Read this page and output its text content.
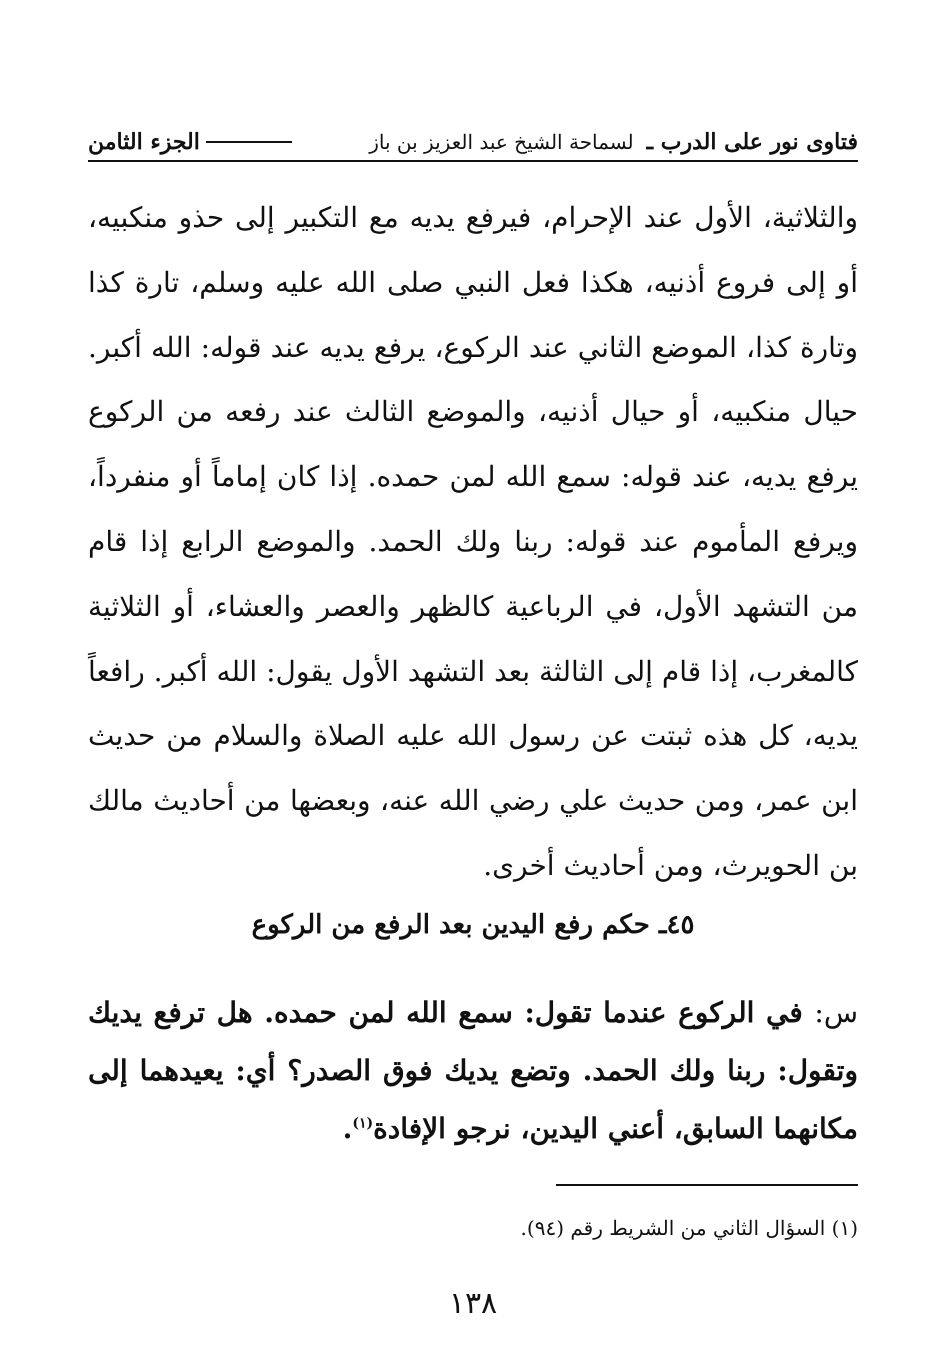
فتاوى نور على الدرب ـ لسماحة الشيخ عبد العزيز بن باز
الجزء الثامن

والثلاثية، الأول عند الإحرام، فيرفع يديه مع التكبير إلى حذو منكبيه، أو إلى فروع أذنيه، هكذا فعل النبي صلى الله عليه وسلم، تارة كذا وتارة كذا، الموضع الثاني عند الركوع، يرفع يديه عند قوله: الله أكبر. حيال منكبيه، أو حيال أذنيه، والموضع الثالث عند رفعه من الركوع يرفع يديه، عند قوله: سمع الله لمن حمده. إذا كان إماماً أو منفرداً، ويرفع المأموم عند قوله: ربنا ولك الحمد. والموضع الرابع إذا قام من التشهد الأول، في الرباعية كالظهر والعصر والعشاء، أو الثلاثية كالمغرب، إذا قام إلى الثالثة بعد التشهد الأول يقول: الله أكبر. رافعاً يديه، كل هذه ثبتت عن رسول الله عليه الصلاة والسلام من حديث ابن عمر، ومن حديث علي رضي الله عنه، وبعضها من أحاديث مالك بن الحويرث، ومن أحاديث أخرى.

٤٥ـ حكم رفع اليدين بعد الرفع من الركوع

س: في الركوع عندما تقول: سمع الله لمن حمده. هل ترفع يديك وتقول: ربنا ولك الحمد. وتضع يديك فوق الصدر؟ أي: يعيدهما إلى مكانهما السابق، أعني اليدين، نرجو الإفادة$^{(١)}$.

(١) السؤال الثاني من الشريط رقم (٩٤).
١٣٨
